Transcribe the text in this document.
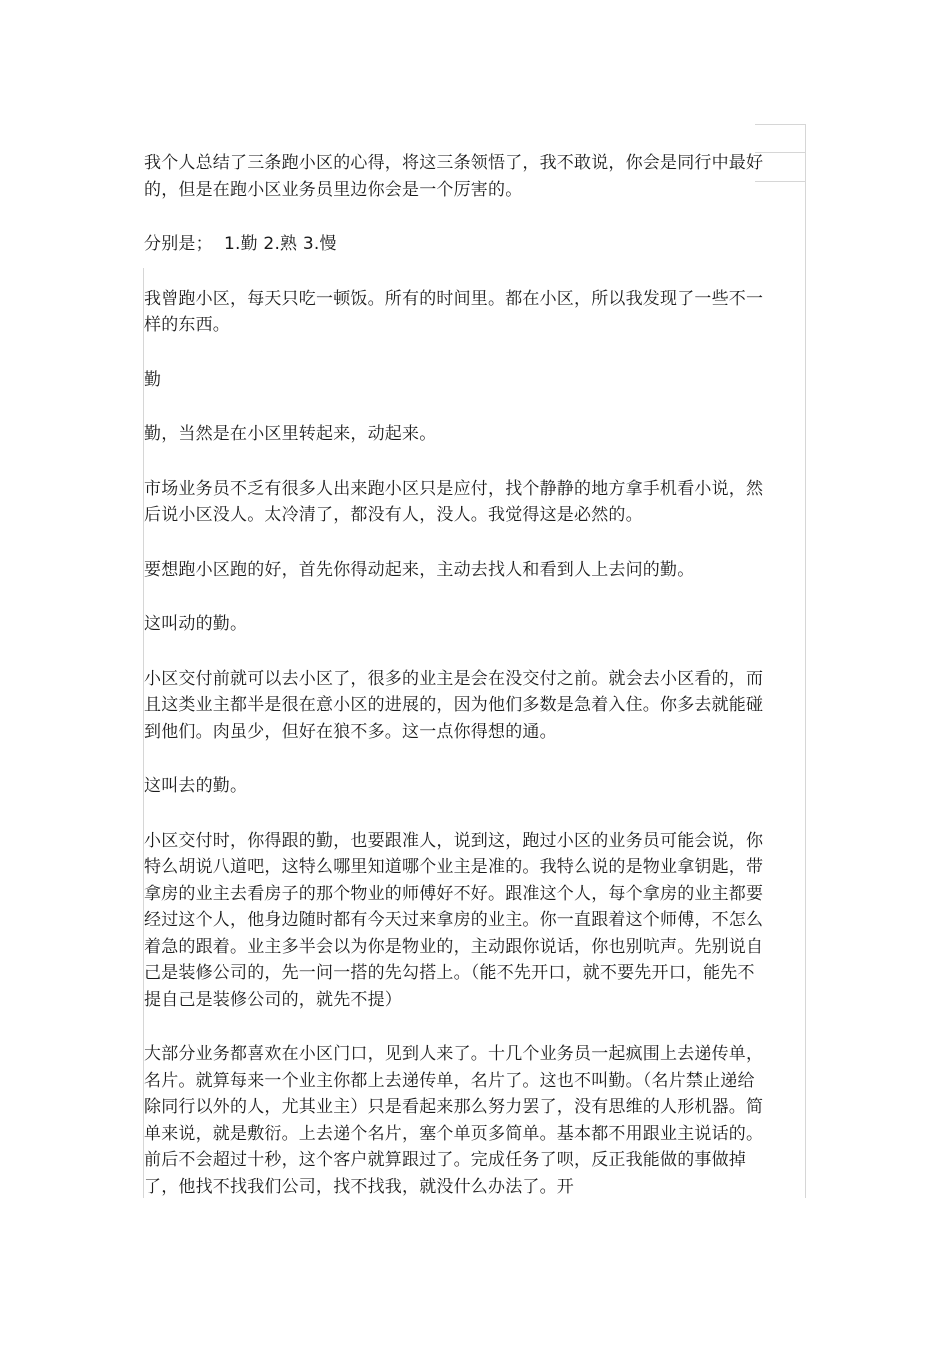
我个人总结了三条跑小区的心得，将这三条领悟了，我不敢说，你会是同行中最好的，但是在跑小区业务员里边你会是一个厉害的。

分别是；  1.勤 2.熟 3.慢

我曾跑小区，每天只吃一顿饭。所有的时间里。都在小区，所以我发现了一些不一样的东西。

勤

勤，当然是在小区里转起来，动起来。

市场业务员不乏有很多人出来跑小区只是应付，找个静静的地方拿手机看小说，然后说小区没人。太冷清了，都没有人，没人。我觉得这是必然的。

要想跑小区跑的好，首先你得动起来，主动去找人和看到人上去问的勤。

这叫动的勤。

小区交付前就可以去小区了，很多的业主是会在没交付之前。就会去小区看的，而且这类业主都半是很在意小区的进展的，因为他们多数是急着入住。你多去就能碰到他们。肉虽少，但好在狼不多。这一点你得想的通。

这叫去的勤。

小区交付时，你得跟的勤，也要跟准人，说到这，跑过小区的业务员可能会说，你特么胡说八道吧，这特么哪里知道哪个业主是准的。我特么说的是物业拿钥匙，带拿房的业主去看房子的那个物业的师傅好不好。跟准这个人，每个拿房的业主都要经过这个人，他身边随时都有今天过来拿房的业主。你一直跟着这个师傅，不怎么着急的跟着。业主多半会以为你是物业的，主动跟你说话，你也别吭声。先别说自己是装修公司的，先一问一搭的先勾搭上。（能不先开口，就不要先开口，能先不提自己是装修公司的，就先不提）

大部分业务都喜欢在小区门口，见到人来了。十几个业务员一起疯围上去递传单，名片。就算每来一个业主你都上去递传单，名片了。这也不叫勤。（名片禁止递给除同行以外的人，尤其业主）只是看起来那么努力罢了，没有思维的人形机器。简单来说，就是敷衍。上去递个名片，塞个单页多简单。基本都不用跟业主说话的。前后不会超过十秒，这个客户就算跟过了。完成任务了呗，反正我能做的事做掉了，他找不找我们公司，找不找我，就没什么办法了。开
